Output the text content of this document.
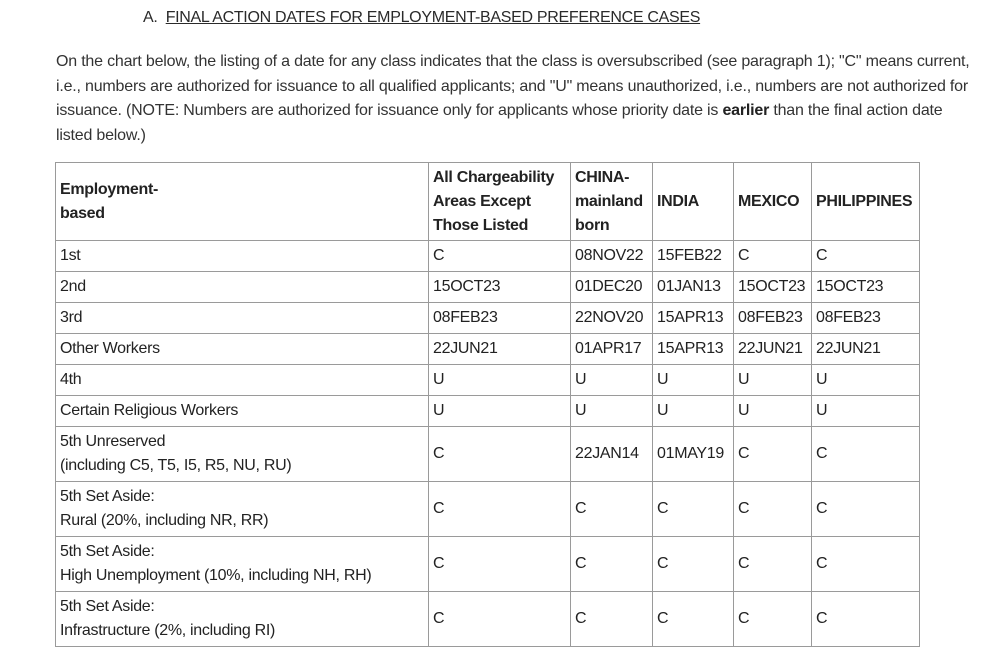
A. FINAL ACTION DATES FOR EMPLOYMENT-BASED PREFERENCE CASES

On the chart below, the listing of a date for any class indicates that the class is oversubscribed (see paragraph 1); "C" means current, i.e., numbers are authorized for issuance to all qualified applicants; and "U" means unauthorized, i.e., numbers are not authorized for issuance. (NOTE: Numbers are authorized for issuance only for applicants whose priority date is earlier than the final action date listed below.)

Employment-
based	All Chargeability
Areas Except
Those Listed	CHINA-
mainland
born	INDIA	MEXICO	PHILIPPINES

1st	C	08NOV22	15FEB22	C	C

2nd	15OCT23	01DEC20	01JAN13	15OCT23	15OCT23

3rd	08FEB23	22NOV20	15APR13	08FEB23	08FEB23

Other Workers	22JUN21	01APR17	15APR13	22JUN21	22JUN21

4th	U	U	U	U	U

Certain Religious Workers	U	U	U	U	U

5th Unreserved
(including C5, T5, I5, R5, NU, RU)	C	22JAN14	01MAY19	C	C

5th Set Aside:
Rural (20%, including NR, RR)	C	C	C	C	C

5th Set Aside:
High Unemployment (10%, including NH, RH)	C	C	C	C	C

5th Set Aside:
Infrastructure (2%, including RI)	C	C	C	C	C
